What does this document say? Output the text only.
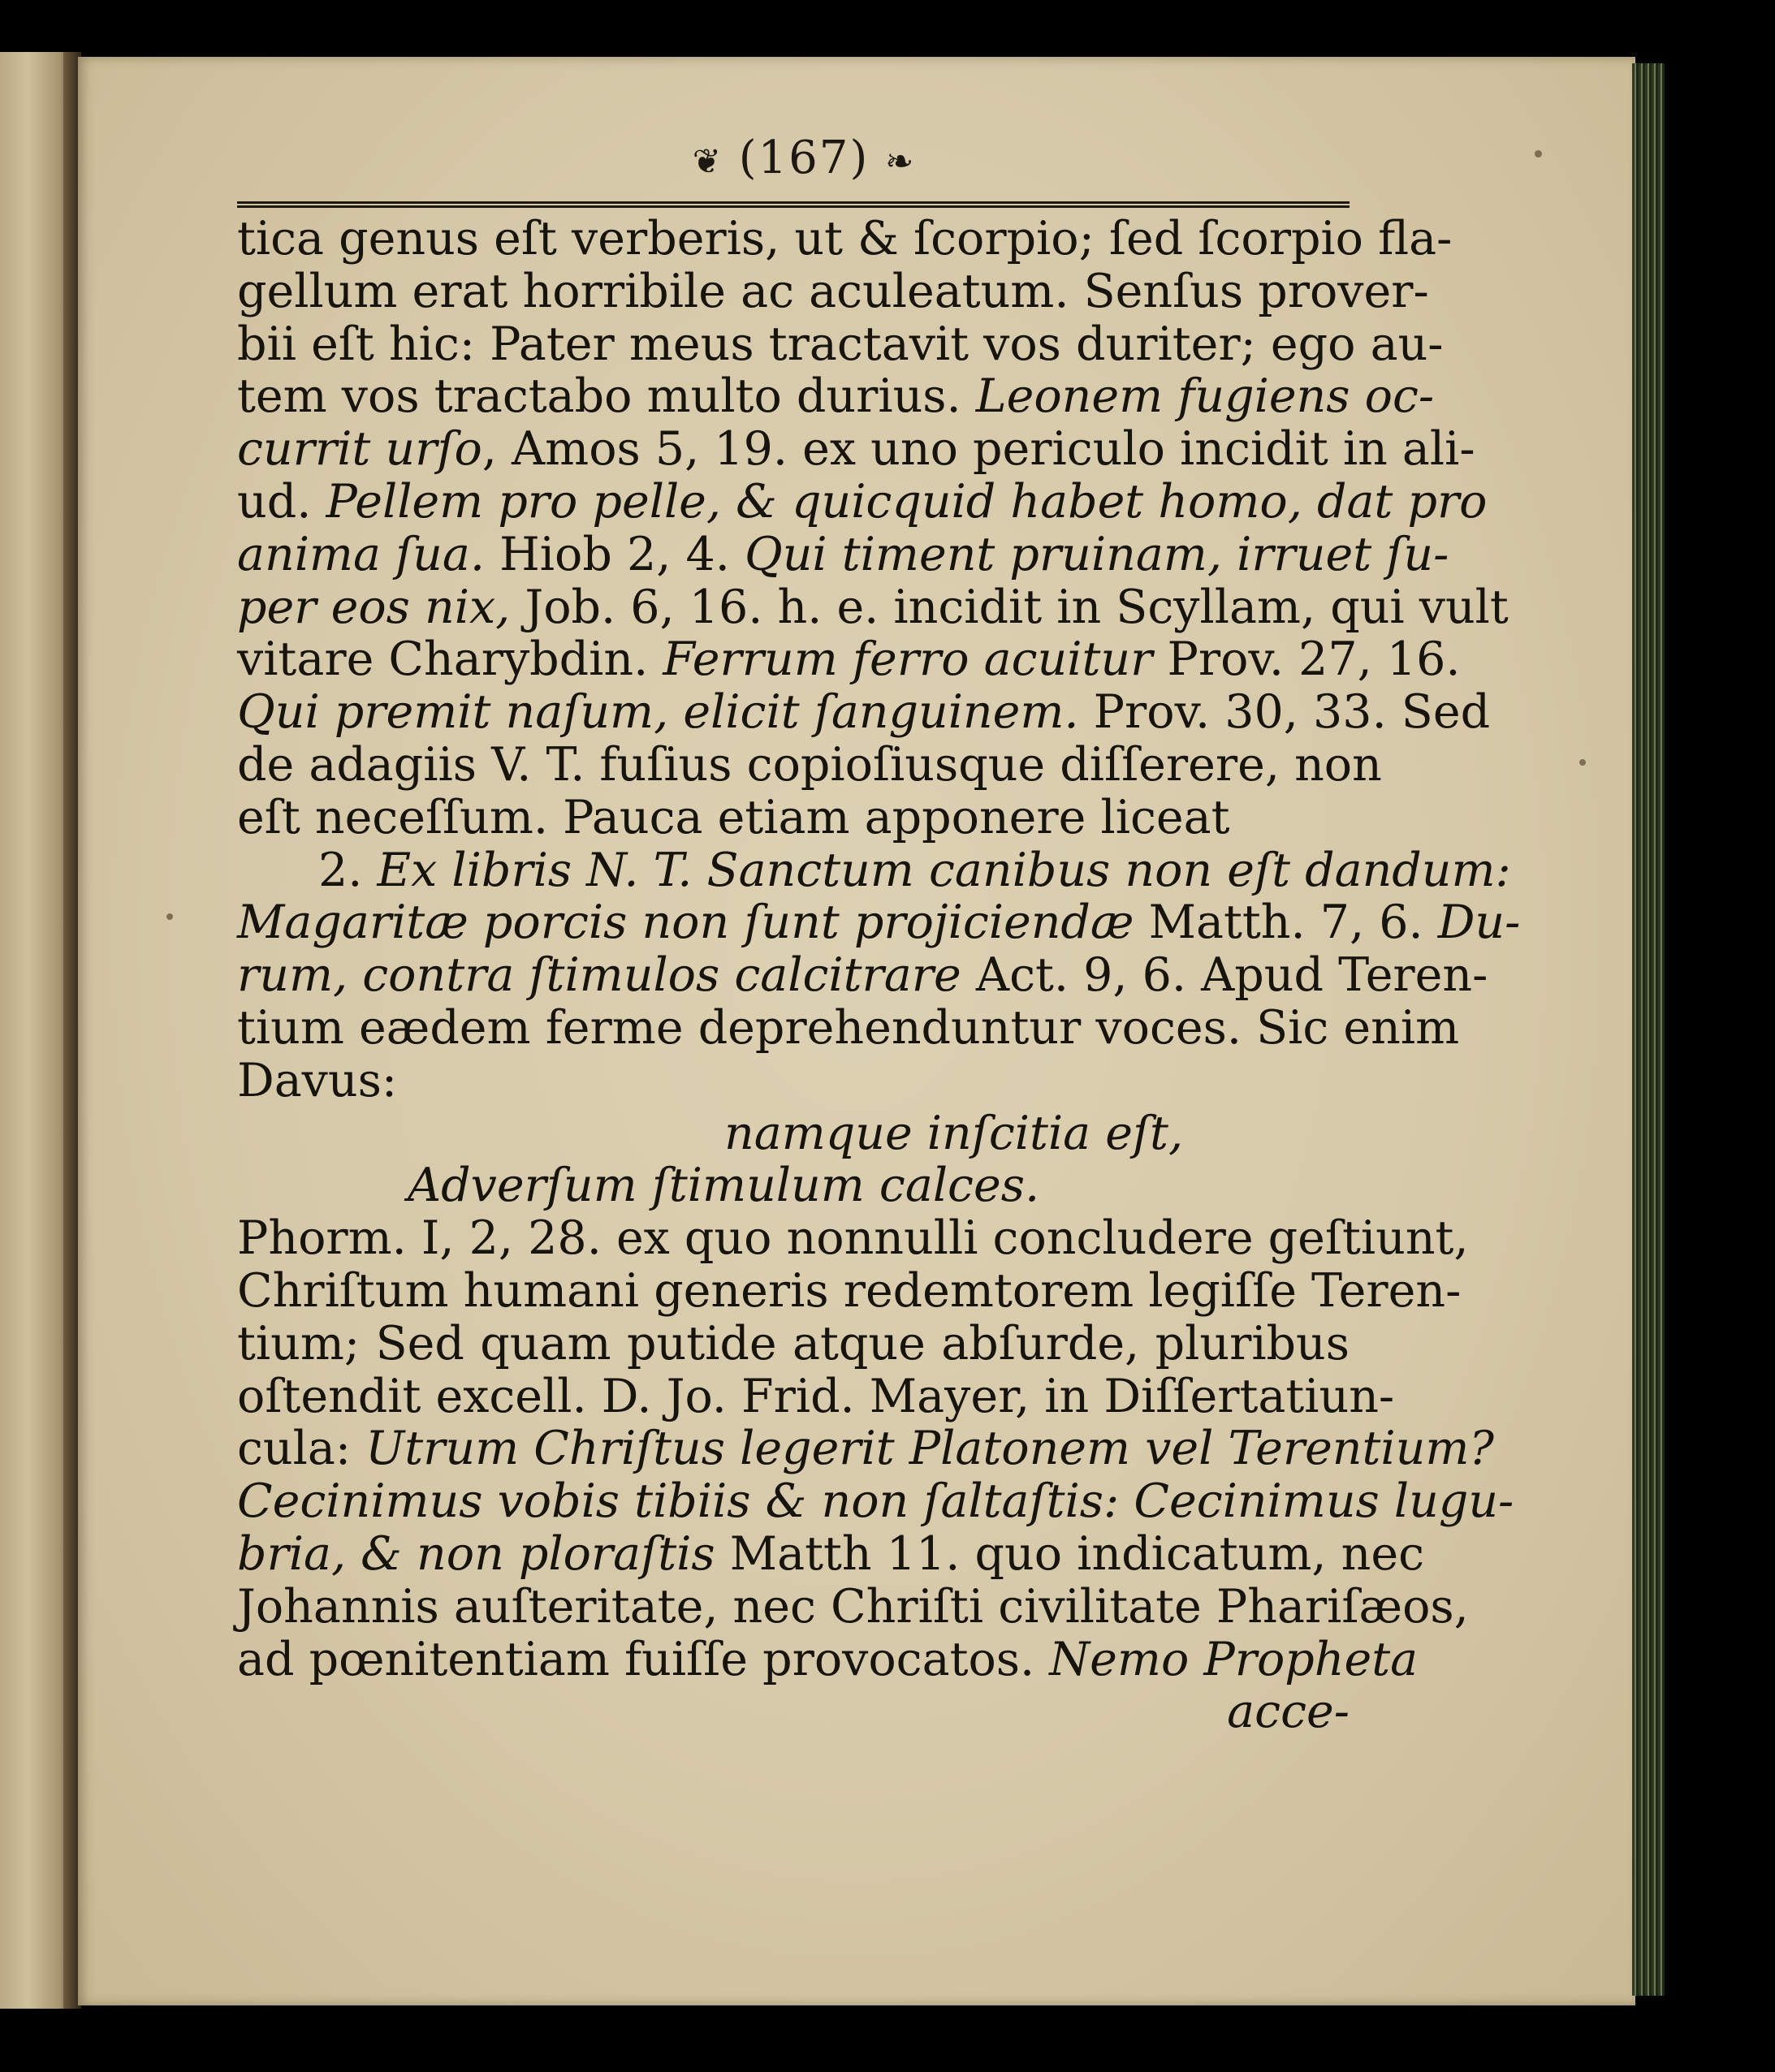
❦ (167) ❧
tica genus eſt verberis, ut & ſcorpio; ſed ſcorpio fla-
gellum erat horribile ac aculeatum. Senſus prover-
bii eſt hic: Pater meus tractavit vos duriter; ego au-
tem vos tractabo multo durius. Leonem fugiens oc-
currit urſo, Amos 5, 19. ex uno periculo incidit in ali-
ud. Pellem pro pelle, & quicquid habet homo, dat pro
anima ſua. Hiob 2, 4. Qui timent pruinam, irruet ſu-
per eos nix, Job. 6, 16. h. e. incidit in Scyllam, qui vult
vitare Charybdin. Ferrum ferro acuitur Prov. 27, 16.
Qui premit naſum, elicit ſanguinem. Prov. 30, 33. Sed
de adagiis V. T. fuſius copioſiusque diſſerere, non
eſt neceſſum. Pauca etiam apponere liceat
2. Ex libris N. T. Sanctum canibus non eſt dandum:
Magaritæ porcis non ſunt projiciendæ Matth. 7, 6. Du-
rum, contra ſtimulos calcitrare Act. 9, 6. Apud Teren-
tium eædem ferme deprehenduntur voces. Sic enim
Davus:
namque inſcitia eſt,
Adverſum ſtimulum calces.
Phorm. I, 2, 28. ex quo nonnulli concludere geſtiunt,
Chriſtum humani generis redemtorem legiſſe Teren-
tium; Sed quam putide atque abſurde, pluribus
oſtendit excell. D. Jo. Frid. Mayer, in Diſſertatiun-
cula: Utrum Chriſtus legerit Platonem vel Terentium?
Cecinimus vobis tibiis & non ſaltaſtis: Cecinimus lugu-
bria, & non ploraſtis Matth 11. quo indicatum, nec
Johannis auſteritate, nec Chriſti civilitate Phariſæos,
ad pœnitentiam fuiſſe provocatos. Nemo Propheta
acce-
